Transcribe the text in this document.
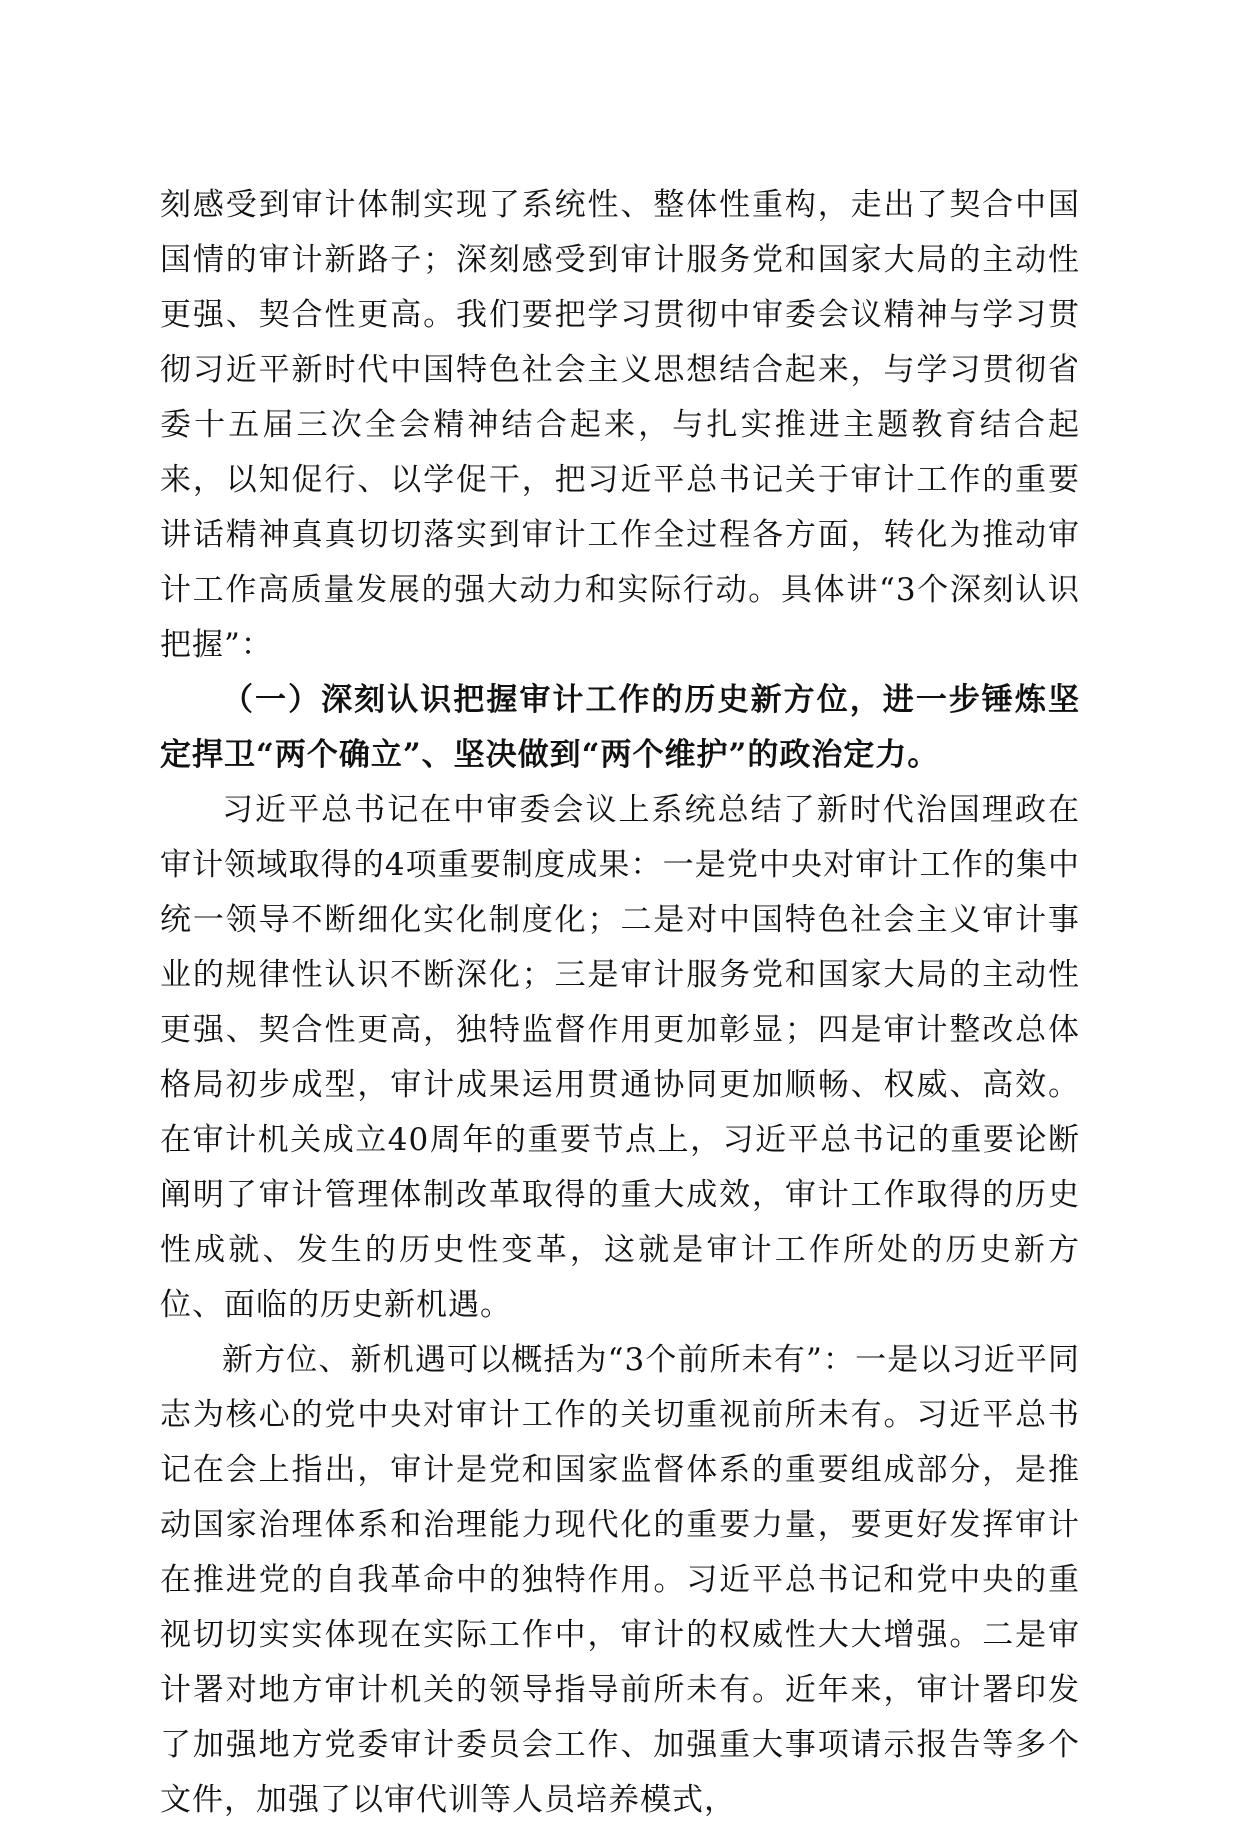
刻感受到审计体制实现了系统性、整体性重构，走出了契合中国国情的审计新路子；深刻感受到审计服务党和国家大局的主动性更强、契合性更高。我们要把学习贯彻中审委会议精神与学习贯彻习近平新时代中国特色社会主义思想结合起来，与学习贯彻省委十五届三次全会精神结合起来，与扎实推进主题教育结合起来，以知促行、以学促干，把习近平总书记关于审计工作的重要讲话精神真真切切落实到审计工作全过程各方面，转化为推动审计工作高质量发展的强大动力和实际行动。具体讲“3个深刻认识把握”：

（一）深刻认识把握审计工作的历史新方位，进一步锤炼坚定捍卫“两个确立”、坚决做到“两个维护”的政治定力。

习近平总书记在中审委会议上系统总结了新时代治国理政在审计领域取得的4项重要制度成果：一是党中央对审计工作的集中统一领导不断细化实化制度化；二是对中国特色社会主义审计事业的规律性认识不断深化；三是审计服务党和国家大局的主动性更强、契合性更高，独特监督作用更加彰显；四是审计整改总体格局初步成型，审计成果运用贯通协同更加顺畅、权威、高效。在审计机关成立40周年的重要节点上，习近平总书记的重要论断阐明了审计管理体制改革取得的重大成效，审计工作取得的历史性成就、发生的历史性变革，这就是审计工作所处的历史新方位、面临的历史新机遇。

新方位、新机遇可以概括为“3个前所未有”：一是以习近平同志为核心的党中央对审计工作的关切重视前所未有。习近平总书记在会上指出，审计是党和国家监督体系的重要组成部分，是推动国家治理体系和治理能力现代化的重要力量，要更好发挥审计在推进党的自我革命中的独特作用。习近平总书记和党中央的重视切切实实体现在实际工作中，审计的权威性大大增强。二是审计署对地方审计机关的领导指导前所未有。近年来，审计署印发了加强地方党委审计委员会工作、加强重大事项请示报告等多个文件，加强了以审代训等人员培养模式，
